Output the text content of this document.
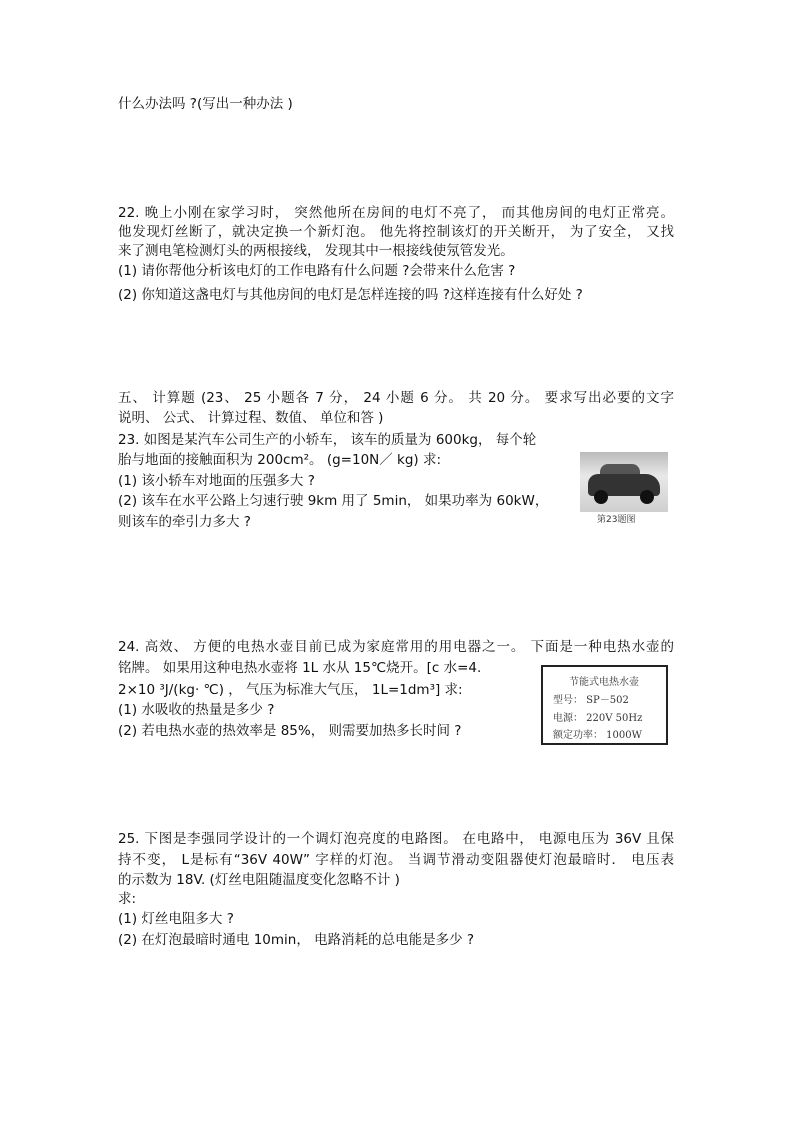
什么办法吗 ?(写出一种办法 )
22. 晚上小刚在家学习时， 突然他所在房间的电灯不亮了， 而其他房间的电灯正常亮。
他发现灯丝断了，就决定换一个新灯泡。 他先将控制该灯的开关断开， 为了安全， 又找
来了测电笔检测灯头的两根接线， 发现其中一根接线使氖管发光。
(1) 请你帮他分析该电灯的工作电路有什么问题 ?会带来什么危害 ?
(2) 你知道这盏电灯与其他房间的电灯是怎样连接的吗 ?这样连接有什么好处 ?
五、 计算题 (23、 25 小题各 7 分， 24 小题 6 分。 共 20 分。 要求写出必要的文字
说明、 公式、 计算过程、数值、 单位和答 )
23. 如图是某汽车公司生产的小轿车， 该车的质量为 600kg， 每个轮
胎与地面的接触面积为 200cm²。 (g=10N／ kg) 求:
(1) 该小轿车对地面的压强多大 ?
(2) 该车在水平公路上匀速行驶 9km 用了 5min， 如果功率为 60kW，
则该车的牵引力多大 ?	第23题图
24. 高效、 方便的电热水壶目前已成为家庭常用的用电器之一。 下面是一种电热水壶的
铭牌。 如果用这种电热水壶将 1L 水从 15℃烧开。[c 水=4.
2×10 ³J/(kg· ℃) ， 气压为标准大气压， 1L=1dm³] 求:
(1) 水吸收的热量是多少 ?
(2) 若电热水壶的热效率是 85%， 则需要加热多长时间 ?
节能式电热水壶
型号： SP－502
电源： 220V 50Hz
额定功率： 1000W
25. 下图是李强同学设计的一个调灯泡亮度的电路图。 在电路中， 电源电压为 36V 且保
持不变， L是标有“36V 40W” 字样的灯泡。 当调节滑动变阻器使灯泡最暗时． 电压表
的示数为 18V. (灯丝电阻随温度变化忽略不计 )
求:
(1) 灯丝电阻多大 ?
(2) 在灯泡最暗时通电 10min， 电路消耗的总电能是多少 ?
